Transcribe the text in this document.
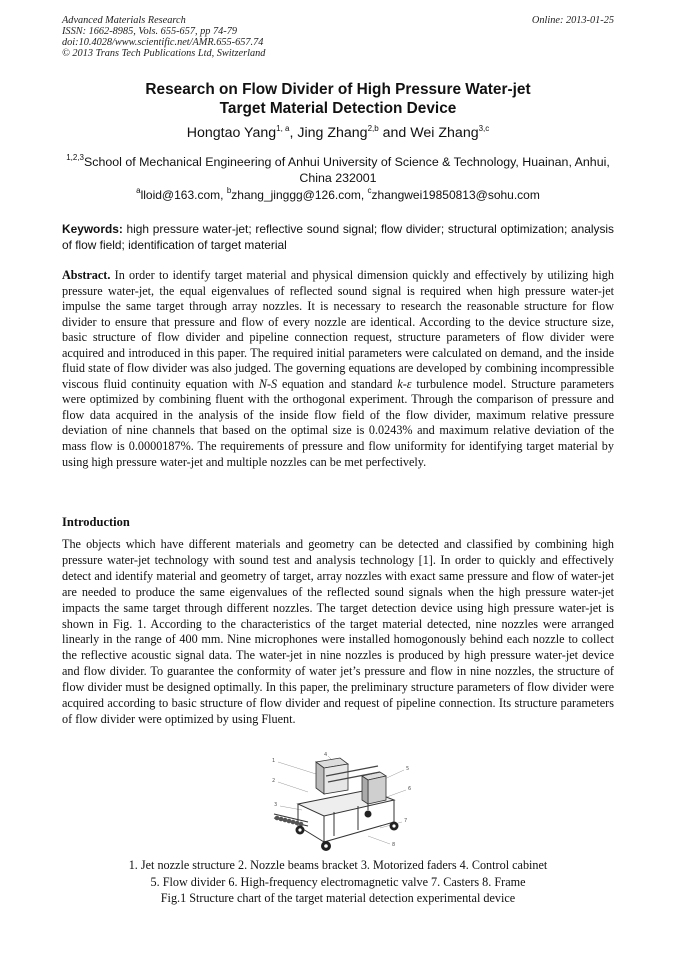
Advanced Materials Research
ISSN: 1662-8985, Vols. 655-657, pp 74-79
doi:10.4028/www.scientific.net/AMR.655-657.74
© 2013 Trans Tech Publications Ltd, Switzerland
Online: 2013-01-25
Research on Flow Divider of High Pressure Water-jet
Target Material Detection Device
Hongtao Yang$^{1, a}$, Jing Zhang$^{2,b}$ and Wei Zhang$^{3,c}$
$^{1,2,3}$School of Mechanical Engineering of Anhui University of Science & Technology, Huainan, Anhui, China 232001
$^a$lloid@163.com, $^b$zhang_jinggg@126.com, $^c$zhangwei19850813@sohu.com
Keywords: high pressure water-jet; reflective sound signal; flow divider; structural optimization; analysis of flow field; identification of target material
Abstract. In order to identify target material and physical dimension quickly and effectively by utilizing high pressure water-jet, the equal eigenvalues of reflected sound signal is required when high pressure water-jet impulse the same target through array nozzles. It is necessary to research the reasonable structure for flow divider to ensure that pressure and flow of every nozzle are identical. According to the device structure size, basic structure of flow divider and pipeline connection request, structure parameters of flow divider were acquired and introduced in this paper. The required initial parameters were calculated on demand, and the inside fluid state of flow divider was also judged. The governing equations are developed by combining incompressible viscous fluid continuity equation with N-S equation and standard k-ε turbulence model. Structure parameters were optimized by combining fluent with the orthogonal experiment. Through the comparison of pressure and flow data acquired in the analysis of the inside flow field of the flow divider, maximum relative pressure deviation of nine channels that based on the optimal size is 0.0243% and maximum relative deviation of the mass flow is 0.0000187%. The requirements of pressure and flow uniformity for identifying target material by using high pressure water-jet and multiple nozzles can be met perfectively.
Introduction
The objects which have different materials and geometry can be detected and classified by combining high pressure water-jet technology with sound test and analysis technology [1]. In order to quickly and effectively detect and identify material and geometry of target, array nozzles with exact same pressure and flow of water-jet are needed to produce the same eigenvalues of the reflected sound signals when the high pressure water-jet impacts the same target through different nozzles. The target detection device using high pressure water-jet is shown in Fig. 1. According to the characteristics of the target material detected, nine nozzles were arranged linearly in the range of 400 mm. Nine microphones were installed homogonously behind each nozzle to collect the reflective acoustic signal data. The water-jet in nine nozzles is produced by high pressure water-jet device and flow divider. To guarantee the conformity of water jet’s pressure and flow in nine nozzles, the structure of flow divider must be designed optimally. In this paper, the preliminary structure parameters of flow divider were acquired according to basic structure of flow divider and request of pipeline connection. Its structure parameters of flow divider were optimized by using Fluent.
1
2
3
4
5
6
7
8
1. Jet nozzle structure 2. Nozzle beams bracket 3. Motorized faders 4. Control cabinet
5. Flow divider 6. High-frequency electromagnetic valve 7. Casters 8. Frame
Fig.1 Structure chart of the target material detection experimental device
